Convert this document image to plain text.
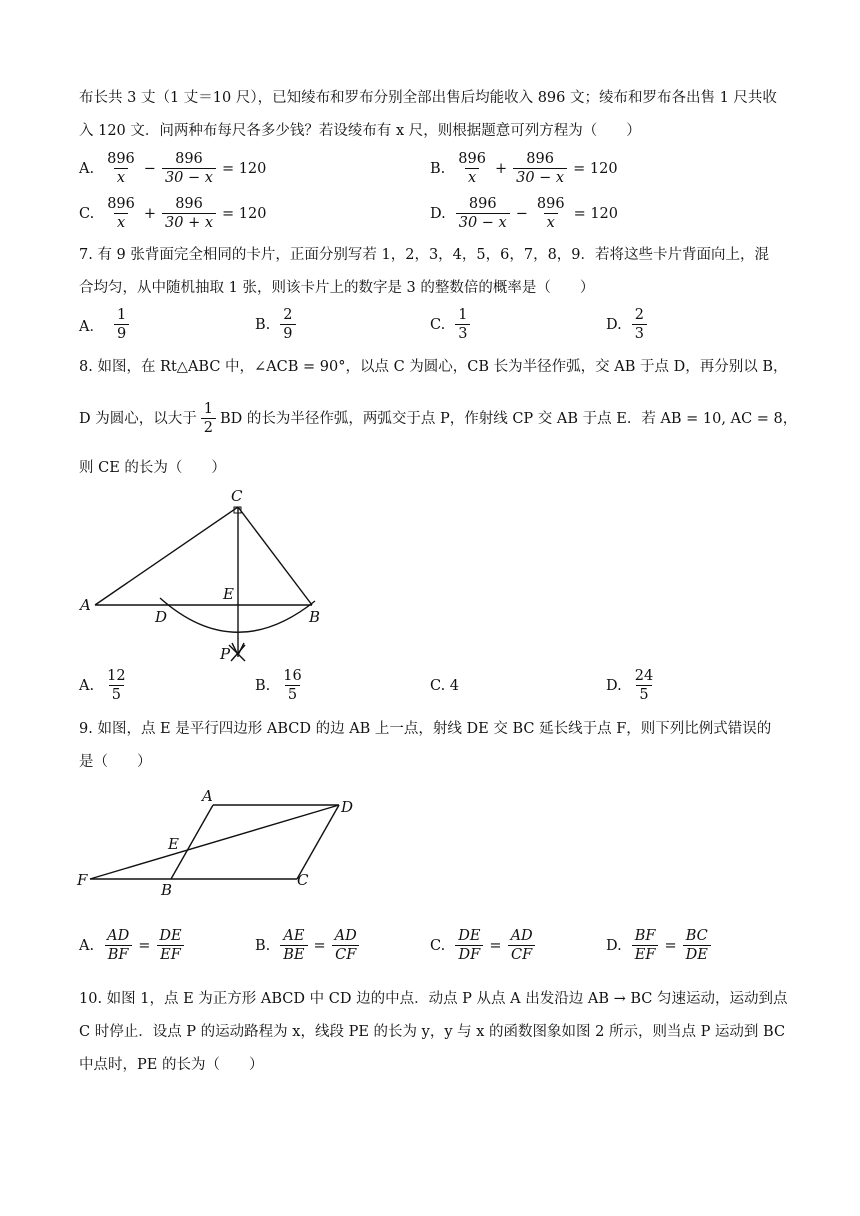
布长共 3 丈（1 丈＝10 尺），已知绫布和罗布分别全部出售后均能收入 896 文；绫布和罗布各出售 1 尺共收
入 120 文．问两种布每尺各多少钱？若设绫布有 x 尺，则根据题意可列方程为（　　）
A. $\frac{896}{x} - \frac{896}{30 - x} = 120$	B. $\frac{896}{x} + \frac{896}{30 - x} = 120$
C. $\frac{896}{x} + \frac{896}{30 + x} = 120$	D. $\frac{896}{30 - x} - \frac{896}{x} = 120$
7. 有 9 张背面完全相同的卡片，正面分别写若 1，2，3，4，5，6，7，8，9．若将这些卡片背面向上，混
合均匀，从中随机抽取 1 张，则该卡片上的数字是 3 的整数倍的概率是（　　）
A． $\frac{1}{9}$	B. $\frac{2}{9}$	C. $\frac{1}{3}$	D. $\frac{2}{3}$
8. 如图，在 Rt△ABC 中，∠ACB = 90°，以点 C 为圆心，CB 长为半径作弧，交 AB 于点 D，再分别以 B，
D 为圆心，以大于 $\frac{1}{2}$ BD 的长为半径作弧，两弧交于点 P，作射线 CP 交 AB 于点 E．若 AB = 10, AC = 8，
则 CE 的长为（　　）
C
A
E
D	B
P
A. $\frac{12}{5}$	B. $\frac{16}{5}$	C. 4	D. $\frac{24}{5}$
9. 如图，点 E 是平行四边形 ABCD 的边 AB 上一点，射线 DE 交 BC 延长线于点 F，则下列比例式错误的
是（　　）
A
D
E
F
B
C
A. $\frac{AD}{BF} = \frac{DE}{EF}$	B. $\frac{AE}{BE} = \frac{AD}{CF}$	C. $\frac{DE}{DF} = \frac{AD}{CF}$	D. $\frac{BF}{EF} = \frac{BC}{DE}$
10. 如图 1，点 E 为正方形 ABCD 中 CD 边的中点．动点 P 从点 A 出发沿边 AB → BC 匀速运动，运动到点
C 时停止．设点 P 的运动路程为 x，线段 PE 的长为 y，y 与 x 的函数图象如图 2 所示，则当点 P 运动到 BC
中点时，PE 的长为（　　）
